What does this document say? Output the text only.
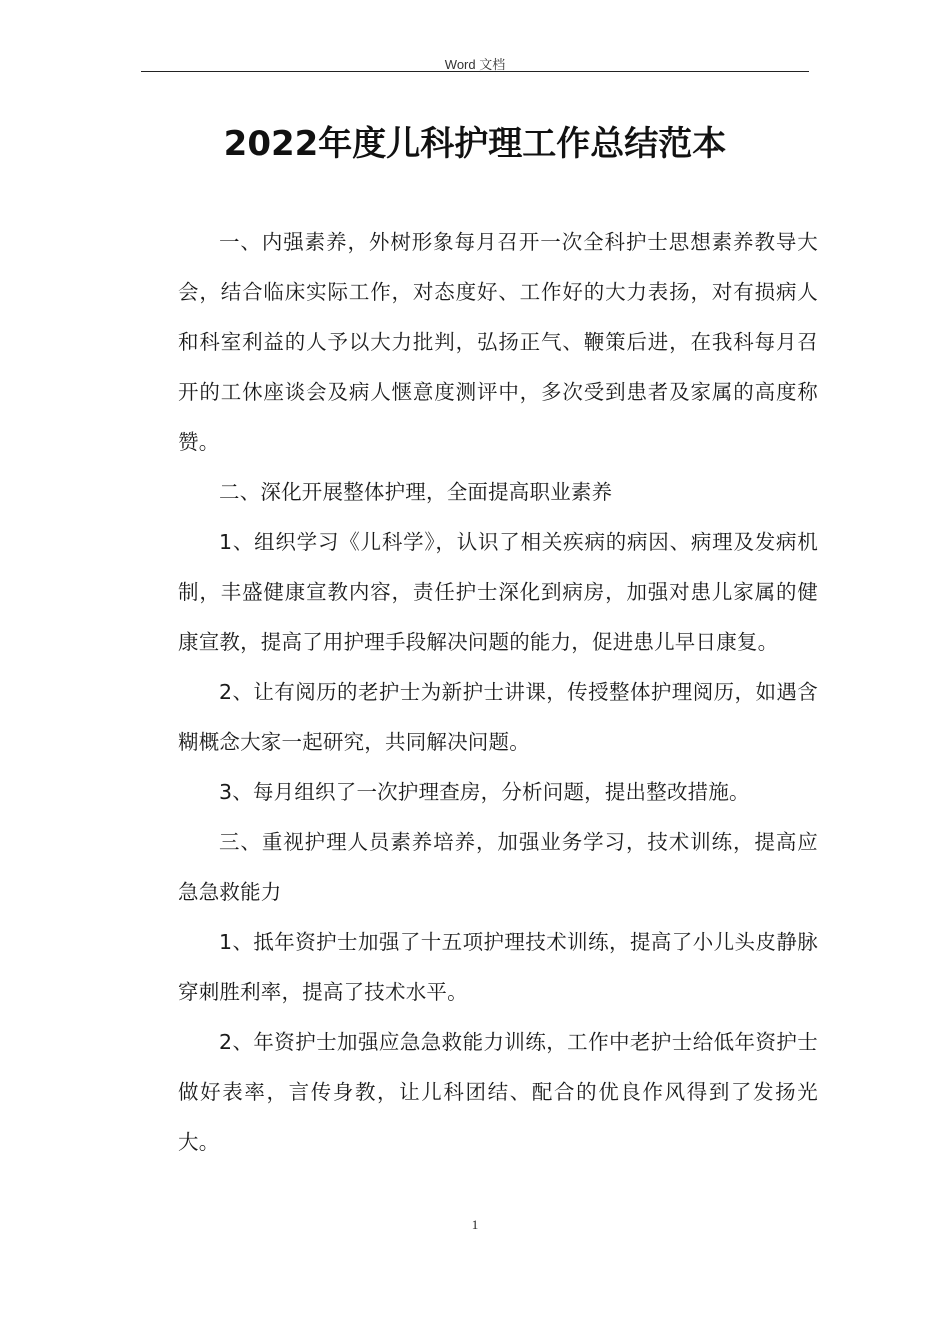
Word 文档
2022年度儿科护理工作总结范本

一、内强素养，外树形象每月召开一次全科护士思想素养教导大会，结合临床实际工作，对态度好、工作好的大力表扬，对有损病人和科室利益的人予以大力批判，弘扬正气、鞭策后进，在我科每月召开的工休座谈会及病人惬意度测评中，多次受到患者及家属的高度称赞。

二、深化开展整体护理，全面提高职业素养

1、组织学习《儿科学》，认识了相关疾病的病因、病理及发病机制，丰盛健康宣教内容，责任护士深化到病房，加强对患儿家属的健康宣教，提高了用护理手段解决问题的能力，促进患儿早日康复。

2、让有阅历的老护士为新护士讲课，传授整体护理阅历，如遇含糊概念大家一起研究，共同解决问题。

3、每月组织了一次护理查房，分析问题，提出整改措施。

三、重视护理人员素养培养，加强业务学习，技术训练，提高应急急救能力

1、抵年资护士加强了十五项护理技术训练，提高了小儿头皮静脉穿刺胜利率，提高了技术水平。

2、年资护士加强应急急救能力训练，工作中老护士给低年资护士做好表率，言传身教，让儿科团结、配合的优良作风得到了发扬光大。

1
